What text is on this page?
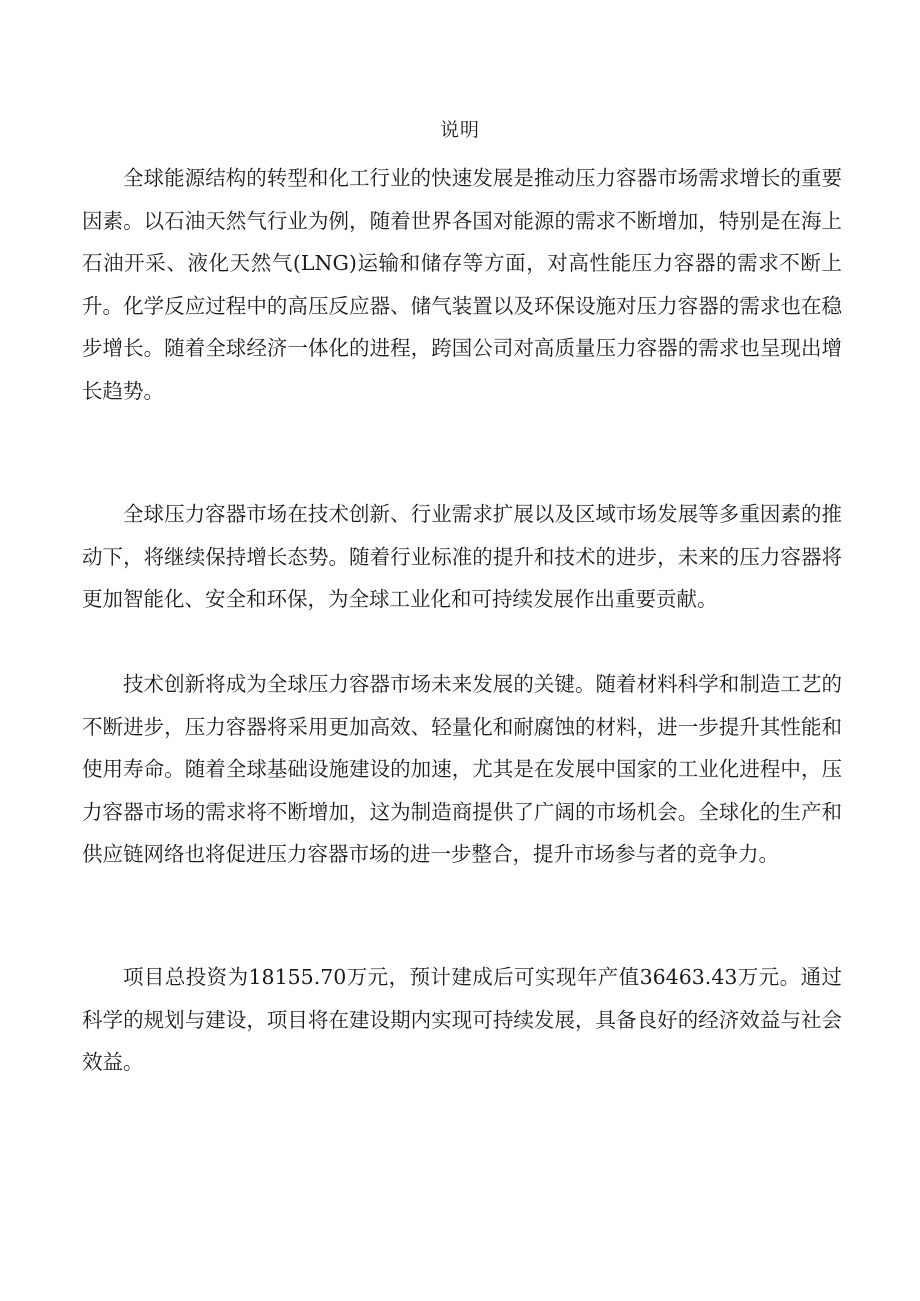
说明

全球能源结构的转型和化工行业的快速发展是推动压力容器市场需求增长的重要因素。以石油天然气行业为例，随着世界各国对能源的需求不断增加，特别是在海上石油开采、液化天然气(LNG)运输和储存等方面，对高性能压力容器的需求不断上升。化学反应过程中的高压反应器、储气装置以及环保设施对压力容器的需求也在稳步增长。随着全球经济一体化的进程，跨国公司对高质量压力容器的需求也呈现出增长趋势。

全球压力容器市场在技术创新、行业需求扩展以及区域市场发展等多重因素的推动下，将继续保持增长态势。随着行业标准的提升和技术的进步，未来的压力容器将更加智能化、安全和环保，为全球工业化和可持续发展作出重要贡献。

技术创新将成为全球压力容器市场未来发展的关键。随着材料科学和制造工艺的不断进步，压力容器将采用更加高效、轻量化和耐腐蚀的材料，进一步提升其性能和使用寿命。随着全球基础设施建设的加速，尤其是在发展中国家的工业化进程中，压力容器市场的需求将不断增加，这为制造商提供了广阔的市场机会。全球化的生产和供应链网络也将促进压力容器市场的进一步整合，提升市场参与者的竞争力。

项目总投资为18155.70万元，预计建成后可实现年产值36463.43万元。通过科学的规划与建设，项目将在建设期内实现可持续发展，具备良好的经济效益与社会效益。
